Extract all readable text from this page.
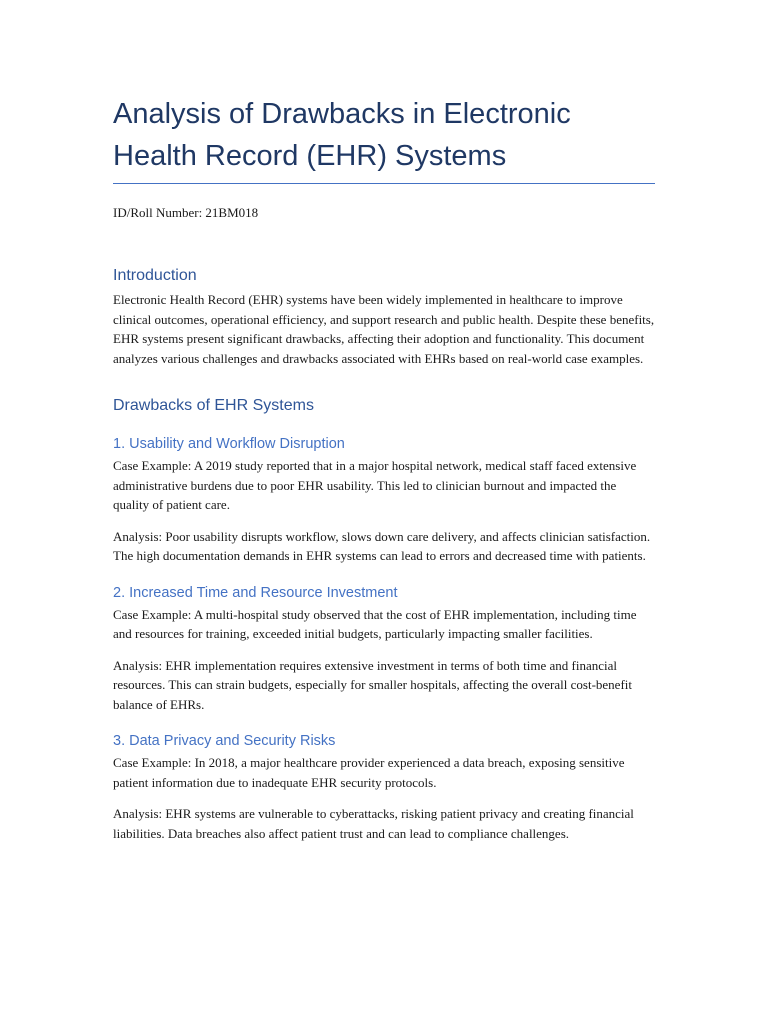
Analysis of Drawbacks in Electronic Health Record (EHR) Systems

ID/Roll Number: 21BM018

Introduction

Electronic Health Record (EHR) systems have been widely implemented in healthcare to improve clinical outcomes, operational efficiency, and support research and public health. Despite these benefits, EHR systems present significant drawbacks, affecting their adoption and functionality. This document analyzes various challenges and drawbacks associated with EHRs based on real-world case examples.

Drawbacks of EHR Systems
1. Usability and Workflow Disruption

Case Example: A 2019 study reported that in a major hospital network, medical staff faced extensive administrative burdens due to poor EHR usability. This led to clinician burnout and impacted the quality of patient care.

Analysis: Poor usability disrupts workflow, slows down care delivery, and affects clinician satisfaction. The high documentation demands in EHR systems can lead to errors and decreased time with patients.

2. Increased Time and Resource Investment

Case Example: A multi-hospital study observed that the cost of EHR implementation, including time and resources for training, exceeded initial budgets, particularly impacting smaller facilities.

Analysis: EHR implementation requires extensive investment in terms of both time and financial resources. This can strain budgets, especially for smaller hospitals, affecting the overall cost-benefit balance of EHRs.

3. Data Privacy and Security Risks

Case Example: In 2018, a major healthcare provider experienced a data breach, exposing sensitive patient information due to inadequate EHR security protocols.

Analysis: EHR systems are vulnerable to cyberattacks, risking patient privacy and creating financial liabilities. Data breaches also affect patient trust and can lead to compliance challenges.
